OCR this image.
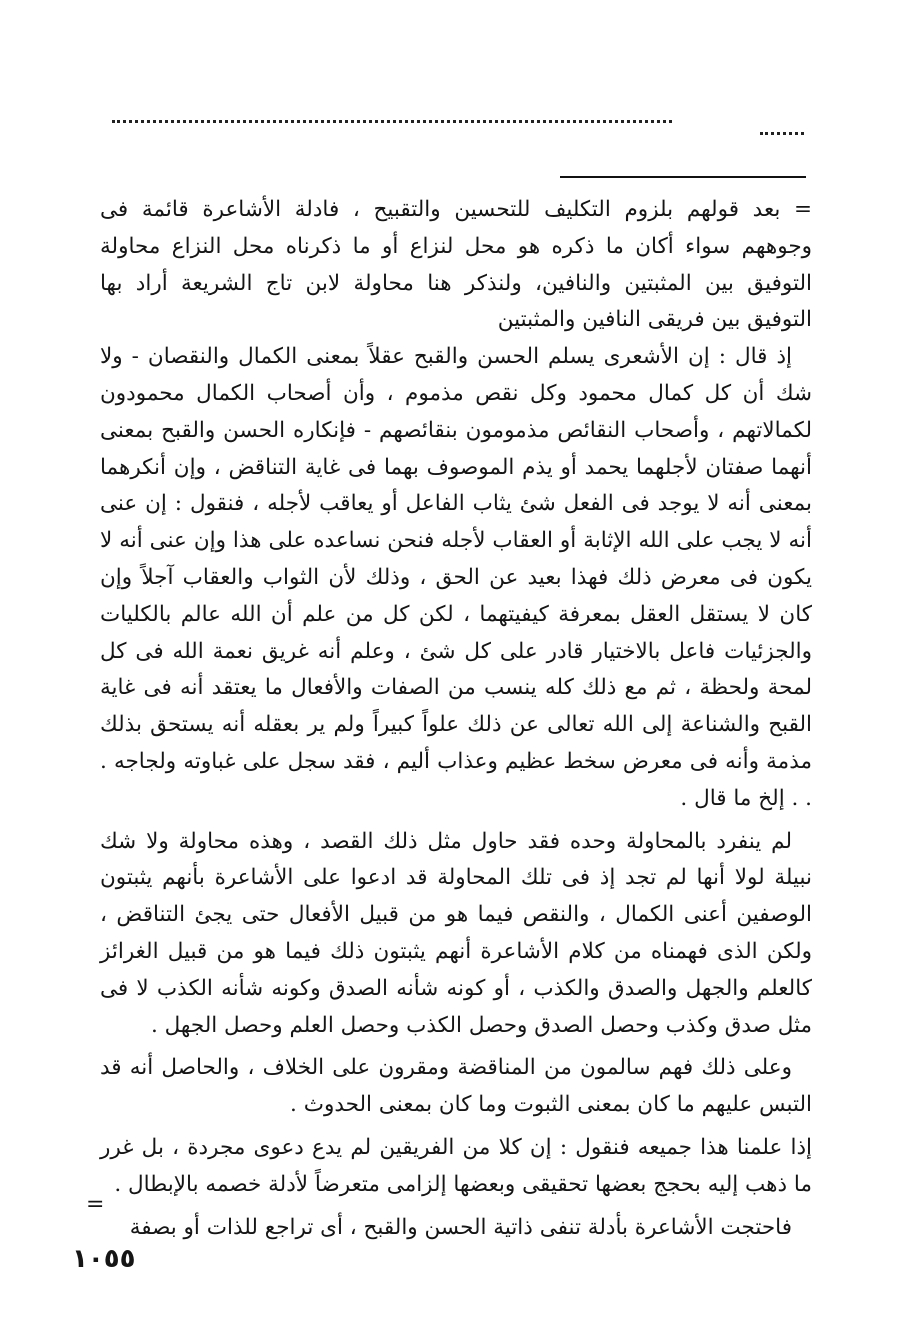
= بعد قولهم بلزوم التكليف للتحسين والتقبيح ، فادلة الأشاعرة قائمة فى وجوههم سواء أكان ما ذكره هو محل لنزاع أو ما ذكرناه محل النزاع محاولة التوفيق بين المثبتين والنافين، ولنذكر هنا محاولة لابن تاج الشريعة أراد بها التوفيق بين فريقى النافين والمثبتين

إذ قال : إن الأشعرى يسلم الحسن والقبح عقلاً بمعنى الكمال والنقصان - ولا شك أن كل كمال محمود وكل نقص مذموم ، وأن أصحاب الكمال محمودون لكمالاتهم ، وأصحاب النقائص مذمومون بنقائصهم - فإنكاره الحسن والقبح بمعنى أنهما صفتان لأجلهما يحمد أو يذم الموصوف بهما فى غاية التناقض ، وإن أنكرهما بمعنى أنه لا يوجد فى الفعل شئ يثاب الفاعل أو يعاقب لأجله ، فنقول : إن عنى أنه لا يجب على الله الإثابة أو العقاب لأجله فنحن نساعده على هذا وإن عنى أنه لا يكون فى معرض ذلك فهذا بعيد عن الحق ، وذلك لأن الثواب والعقاب آجلاً وإن كان لا يستقل العقل بمعرفة كيفيتهما ، لكن كل من علم أن الله عالم بالكليات والجزئيات فاعل بالاختيار قادر على كل شئ ، وعلم أنه غريق نعمة الله فى كل لمحة ولحظة ، ثم مع ذلك كله ينسب من الصفات والأفعال ما يعتقد أنه فى غاية القبح والشناعة إلى الله تعالى عن ذلك علواً كبيراً ولم ير بعقله أنه يستحق بذلك مذمة وأنه فى معرض سخط عظيم وعذاب أليم ، فقد سجل على غباوته ولجاجه . . . إلخ ما قال .

لم ينفرد بالمحاولة وحده فقد حاول مثل ذلك القصد ، وهذه محاولة ولا شك نبيلة لولا أنها لم تجد إذ فى تلك المحاولة قد ادعوا على الأشاعرة بأنهم يثبتون الوصفين أعنى الكمال ، والنقص فيما هو من قبيل الأفعال حتى يجئ التناقض ، ولكن الذى فهمناه من كلام الأشاعرة أنهم يثبتون ذلك فيما هو من قبيل الغرائز كالعلم والجهل والصدق والكذب ، أو كونه شأنه الصدق وكونه شأنه الكذب لا فى مثل صدق وكذب وحصل الصدق وحصل الكذب وحصل العلم وحصل الجهل .

وعلى ذلك فهم سالمون من المناقضة ومقرون على الخلاف ، والحاصل أنه قد التبس عليهم ما كان بمعنى الثبوت وما كان بمعنى الحدوث .

إذا علمنا هذا جميعه فنقول : إن كلا من الفريقين لم يدع دعوى مجردة ، بل غرر ما ذهب إليه بحجج بعضها تحقيقى وبعضها إلزامى متعرضاً لأدلة خصمه بالإبطال .

فاحتجت الأشاعرة بأدلة تنفى ذاتية الحسن والقبح ، أى تراجع للذات أو بصفة

=
١٠٥٥
